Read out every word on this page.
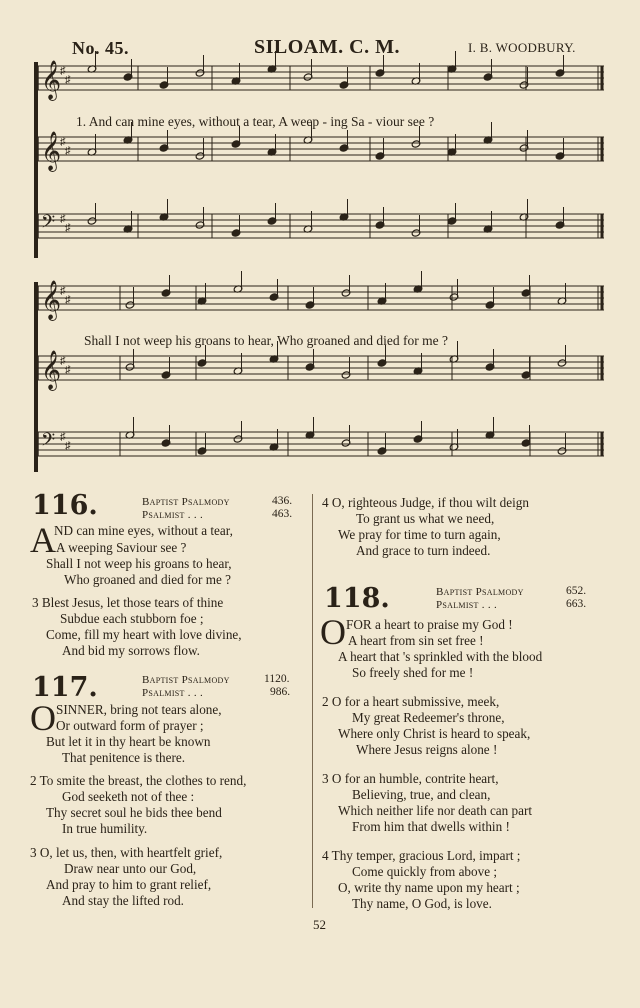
No. 45.	SILOAM. C. M.	I. B. WOODBURY.
𝄞
♯
♯
𝄞
♯
♯
𝄢 ♯
♯
𝄞
♯
♯
𝄞
♯
♯
𝄢 ♯
♯
1. And can mine eyes, without a tear, A weep - ing Sa - viour see ?
Shall I not weep his groans to hear, Who groaned and died for me ?
116.	Baptist Psalmody	436.
Psalmist . . .	463.
A
ND can mine eyes, without a tear,
A weeping Saviour see ?
Shall I not weep his groans to hear,
Who groaned and died for me ?
3 Blest Jesus, let those tears of thine
Subdue each stubborn foe ;
Come, fill my heart with love divine,
And bid my sorrows flow.
4 O, righteous Judge, if thou wilt deign
To grant us what we need,
We pray for time to turn again,
And grace to turn indeed.
117.	Baptist Psalmody	1120.
Psalmist . . .	986.
O SINNER, bring not tears alone,
Or outward form of prayer ;
But let it in thy heart be known
That penitence is there.
2 To smite the breast, the clothes to rend,
God seeketh not of thee :
Thy secret soul he bids thee bend
In true humility.
3 O, let us, then, with heartfelt grief,
Draw near unto our God,
And pray to him to grant relief,
And stay the lifted rod.
118.	Baptist Psalmody	652.
Psalmist . . .	663.
O FOR a heart to praise my God !
A heart from sin set free !
A heart that 's sprinkled with the blood
So freely shed for me !
2 O for a heart submissive, meek,
My great Redeemer's throne,
Where only Christ is heard to speak,
Where Jesus reigns alone !
3 O for an humble, contrite heart,
Believing, true, and clean,
Which neither life nor death can part
From him that dwells within !
4 Thy temper, gracious Lord, impart ;
Come quickly from above ;
O, write thy name upon my heart ;
Thy name, O God, is love.
52
